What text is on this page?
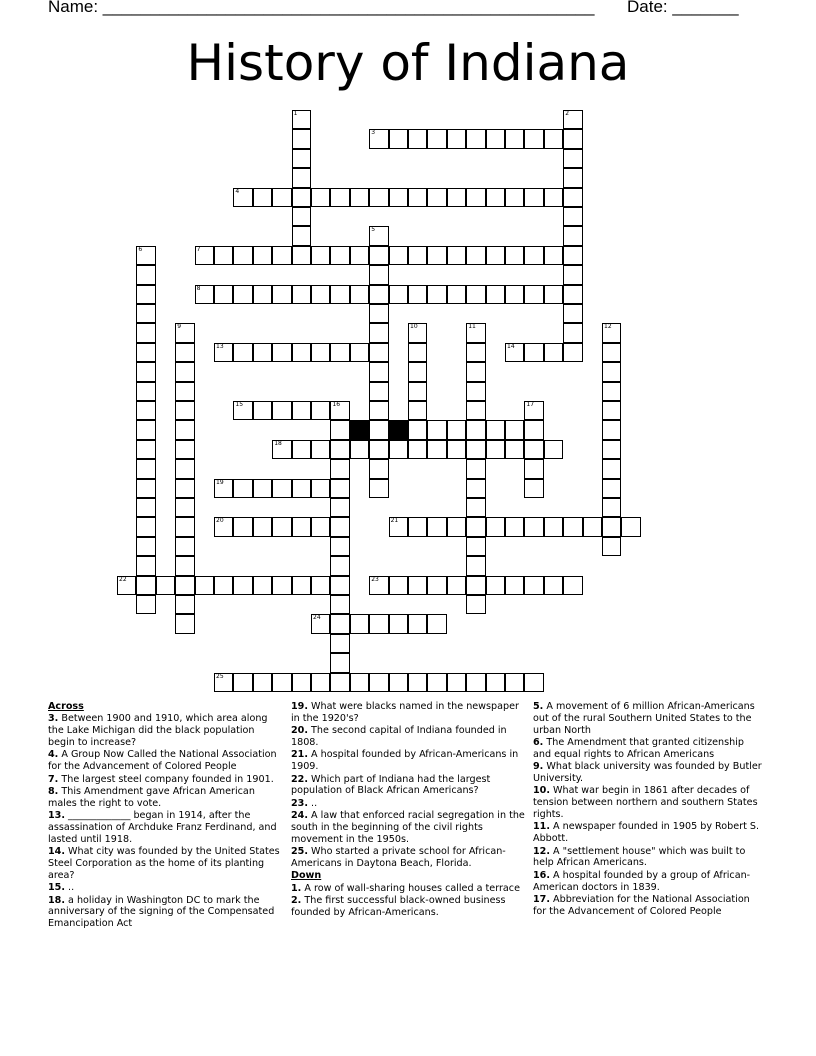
Name: ____________________________________________________ Date: _______
History of Indiana
1	2
3
4
5
6	7
8
9	10	11	12
13	14
15	16	17
18
19
20	21
22	23
24
25

Across

3. Between 1900 and 1910, which area along the Lake Michigan did the black population begin to increase?

4. A Group Now Called the National Association for the Advancement of Colored People

7. The largest steel company founded in 1901.

8. This Amendment gave African American males the right to vote.

13. _____________ began in 1914, after the assassination of Archduke Franz Ferdinand, and lasted until 1918.

14. What city was founded by the United States Steel Corporation as the home of its planting area?

15. ..

18. a holiday in Washington DC to mark the anniversary of the signing of the Compensated Emancipation Act

19. What were blacks named in the newspaper in the 1920's?

20. The second capital of Indiana founded in 1808.

21. A hospital founded by African-Americans in 1909.

22. Which part of Indiana had the largest population of Black African Americans?

23. ..

24. A law that enforced racial segregation in the south in the beginning of the civil rights movement in the 1950s.

25. Who started a private school for African-Americans in Daytona Beach, Florida.

Down

1. A row of wall-sharing houses called a terrace

2. The first successful black-owned business founded by African-Americans.

5. A movement of 6 million African-Americans out of the rural Southern United States to the urban North

6. The Amendment that granted citizenship and equal rights to African Americans

9. What black university was founded by Butler University.

10. What war begin in 1861 after decades of tension between northern and southern States rights.

11. A newspaper founded in 1905 by Robert S. Abbott.

12. A "settlement house" which was built to help African Americans.

16. A hospital founded by a group of African-American doctors in 1839.

17. Abbreviation for the National Association for the Advancement of Colored People
